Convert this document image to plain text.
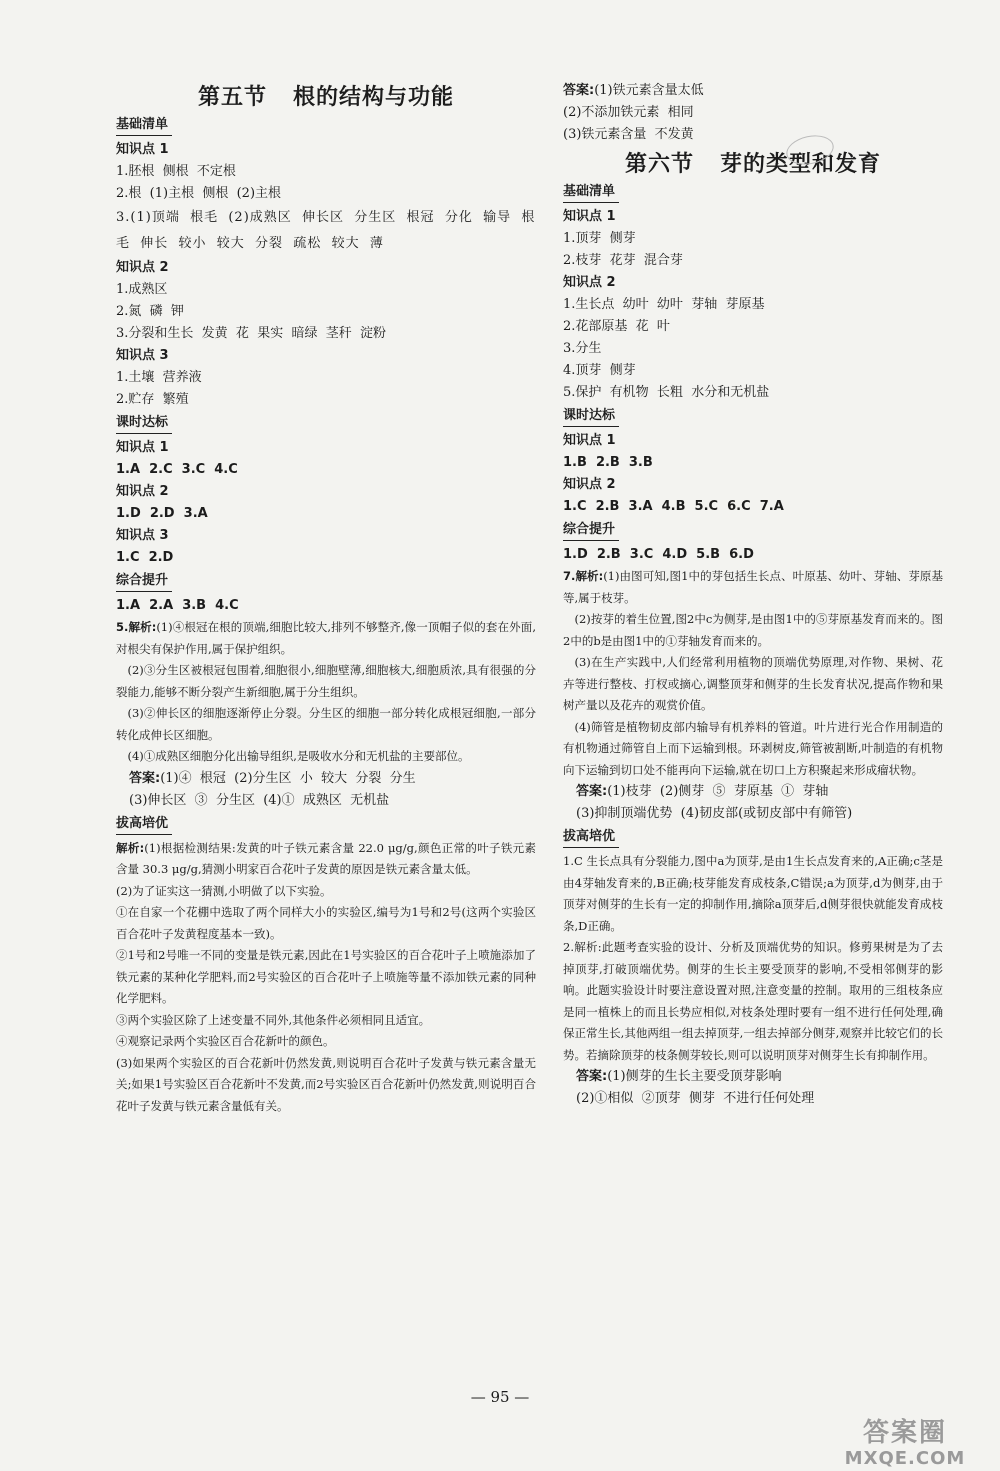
第五节   根的结构与功能
基础清单
知识点 1
1.胚根  侧根  不定根
2.根  (1)主根  侧根  (2)主根
3.(1)顶端  根毛  (2)成熟区  伸长区  分生区  根冠  分化  输导  根毛  伸长  较小  较大  分裂  疏松  较大  薄
知识点 2
1.成熟区
2.氮  磷  钾
3.分裂和生长  发黄  花  果实  暗绿  茎秆  淀粉
知识点 3
1.土壤  营养液
2.贮存  繁殖
课时达标
知识点 1
1.A  2.C  3.C  4.C
知识点 2
1.D  2.D  3.A
知识点 3
1.C  2.D
综合提升
1.A  2.A  3.B  4.C
5.解析:(1)④根冠在根的顶端,细胞比较大,排列不够整齐,像一顶帽子似的套在外面,对根尖有保护作用,属于保护组织。
(2)③分生区被根冠包围着,细胞很小,细胞壁薄,细胞核大,细胞质浓,具有很强的分裂能力,能够不断分裂产生新细胞,属于分生组织。
(3)②伸长区的细胞逐渐停止分裂。分生区的细胞一部分转化成根冠细胞,一部分转化成伸长区细胞。
(4)①成熟区细胞分化出输导组织,是吸收水分和无机盐的主要部位。
答案:(1)④  根冠  (2)分生区  小  较大  分裂  分生
(3)伸长区  ③  分生区  (4)①  成熟区  无机盐
拔高培优
解析:(1)根据检测结果:发黄的叶子铁元素含量 22.0 μg/g,颜色正常的叶子铁元素含量 30.3 μg/g,猜测小明家百合花叶子发黄的原因是铁元素含量太低。
(2)为了证实这一猜测,小明做了以下实验。
①在自家一个花棚中选取了两个同样大小的实验区,编号为1号和2号(这两个实验区百合花叶子发黄程度基本一致)。
②1号和2号唯一不同的变量是铁元素,因此在1号实验区的百合花叶子上喷施添加了铁元素的某种化学肥料,而2号实验区的百合花叶子上喷施等量不添加铁元素的同种化学肥料。
③两个实验区除了上述变量不同外,其他条件必须相同且适宜。
④观察记录两个实验区百合花新叶的颜色。
(3)如果两个实验区的百合花新叶仍然发黄,则说明百合花叶子发黄与铁元素含量无关;如果1号实验区百合花新叶不发黄,而2号实验区百合花新叶仍然发黄,则说明百合花叶子发黄与铁元素含量低有关。
答案:(1)铁元素含量太低
(2)不添加铁元素  相同
(3)铁元素含量  不发黄
第六节   芽的类型和发育
基础清单
知识点 1
1.顶芽  侧芽
2.枝芽  花芽  混合芽
知识点 2
1.生长点  幼叶  幼叶  芽轴  芽原基
2.花部原基  花  叶
3.分生
4.顶芽  侧芽
5.保护  有机物  长粗  水分和无机盐
课时达标
知识点 1
1.B  2.B  3.B
知识点 2
1.C  2.B  3.A  4.B  5.C  6.C  7.A
综合提升
1.D  2.B  3.C  4.D  5.B  6.D
7.解析:(1)由图可知,图1中的芽包括生长点、叶原基、幼叶、芽轴、芽原基等,属于枝芽。
(2)按芽的着生位置,图2中c为侧芽,是由图1中的⑤芽原基发育而来的。图2中的b是由图1中的①芽轴发育而来的。
(3)在生产实践中,人们经常利用植物的顶端优势原理,对作物、果树、花卉等进行整枝、打杈或摘心,调整顶芽和侧芽的生长发育状况,提高作物和果树产量以及花卉的观赏价值。
(4)筛管是植物韧皮部内输导有机养料的管道。叶片进行光合作用制造的有机物通过筛管自上而下运输到根。环剥树皮,筛管被割断,叶制造的有机物向下运输到切口处不能再向下运输,就在切口上方积聚起来形成瘤状物。
答案:(1)枝芽  (2)侧芽  ⑤  芽原基  ①  芽轴
(3)抑制顶端优势  (4)韧皮部(或韧皮部中有筛管)
拔高培优
1.C 生长点具有分裂能力,图中a为顶芽,是由1生长点发育来的,A正确;c茎是由4芽轴发育来的,B正确;枝芽能发育成枝条,C错误;a为顶芽,d为侧芽,由于顶芽对侧芽的生长有一定的抑制作用,摘除a顶芽后,d侧芽很快就能发育成枝条,D正确。
2.解析:此题考查实验的设计、分析及顶端优势的知识。修剪果树是为了去掉顶芽,打破顶端优势。侧芽的生长主要受顶芽的影响,不受相邻侧芽的影响。此题实验设计时要注意设置对照,注意变量的控制。取用的三组枝条应是同一植株上的而且长势应相似,对枝条处理时要有一组不进行任何处理,确保正常生长,其他两组一组去掉顶芽,一组去掉部分侧芽,观察并比较它们的长势。若摘除顶芽的枝条侧芽较长,则可以说明顶芽对侧芽生长有抑制作用。
答案:(1)侧芽的生长主要受顶芽影响
(2)①相似  ②顶芽  侧芽  不进行任何处理
— 95 —
答案圈
MXQE.COM
